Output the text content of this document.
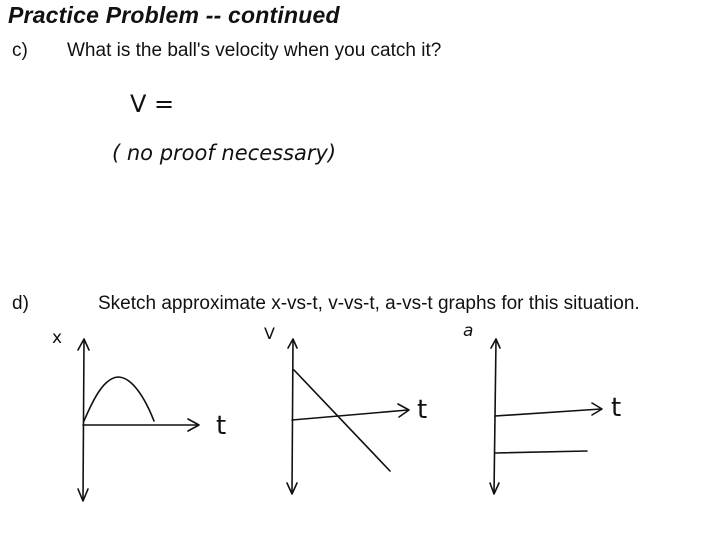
Practice Problem -- continued
c) What is the ball's velocity when you catch it?
d)	Sketch approximate x-vs-t, v-vs-t, a-vs-t graphs for this situation.
V =
( no proof necessary)
x
t
V
t
a
t
